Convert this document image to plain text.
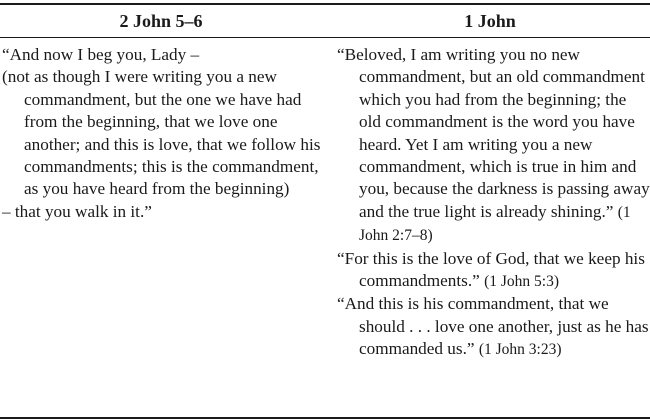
2 John 5–6	1 John

“And now I beg you, Lady –

(not as though I were writing you a new commandment, but the one we have had from the beginning, that we love one another; and this is love, that we follow his commandments; this is the commandment, as you have heard from the beginning)

– that you walk in it.”

“Beloved, I am writing you no new commandment, but an old commandment which you had from the beginning; the old commandment is the word you have heard. Yet I am writing you a new commandment, which is true in him and you, because the darkness is passing away and the true light is already shining.” (1 John 2:7–8)

“For this is the love of God, that we keep his commandments.” (1 John 5:3)

“And this is his commandment, that we should . . . love one another, just as he has commanded us.” (1 John 3:23)
